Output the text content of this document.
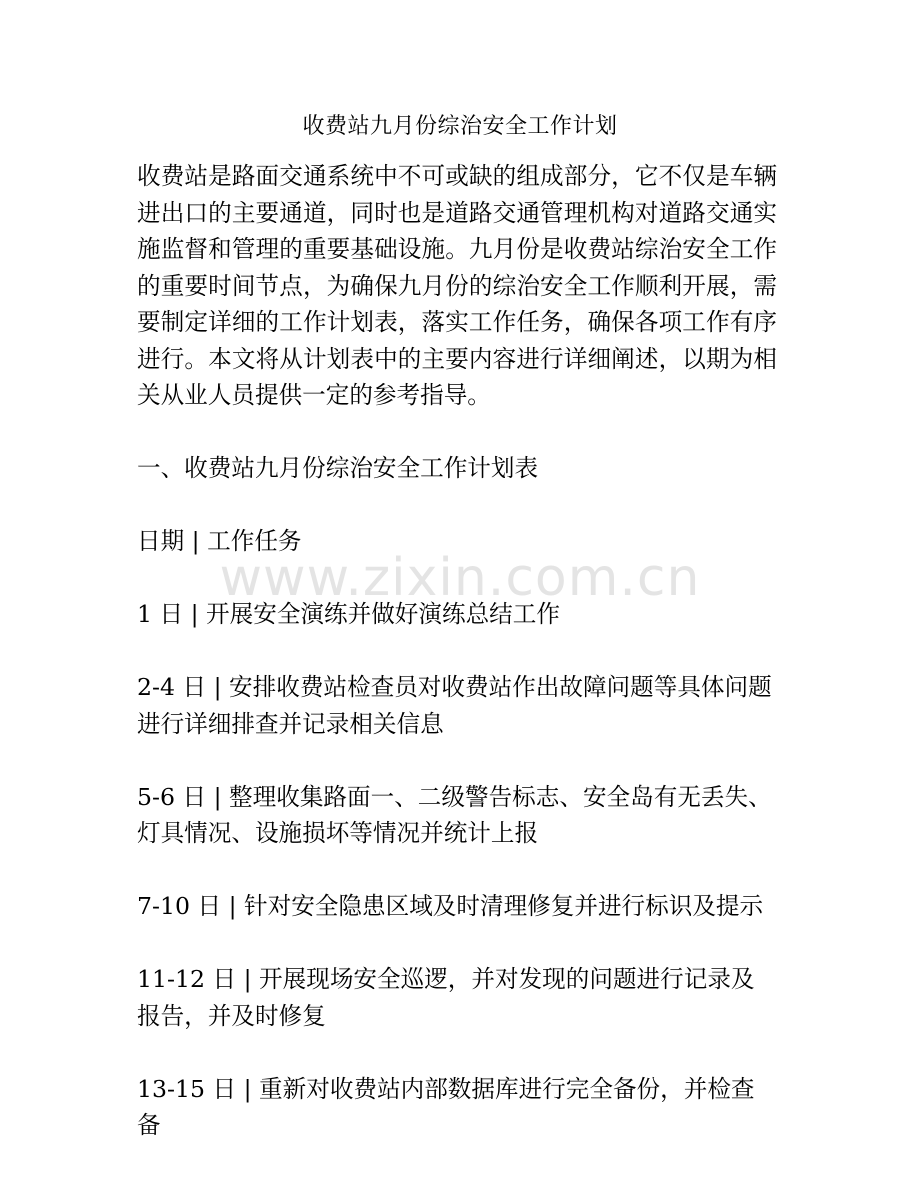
www.zixin.com.cn
收费站九月份综治安全工作计划

收费站是路面交通系统中不可或缺的组成部分，它不仅是车辆进出口的主要通道，同时也是道路交通管理机构对道路交通实施监督和管理的重要基础设施。九月份是收费站综治安全工作的重要时间节点，为确保九月份的综治安全工作顺利开展，需要制定详细的工作计划表，落实工作任务，确保各项工作有序进行。本文将从计划表中的主要内容进行详细阐述，以期为相关从业人员提供一定的参考指导。

一、收费站九月份综治安全工作计划表

日期 | 工作任务

1 日 | 开展安全演练并做好演练总结工作

2-4 日 | 安排收费站检查员对收费站作出故障问题等具体问题进行详细排查并记录相关信息

5-6 日 | 整理收集路面一、二级警告标志、安全岛有无丢失、灯具情况、设施损坏等情况并统计上报

7-10 日 | 针对安全隐患区域及时清理修复并进行标识及提示

11-12 日 | 开展现场安全巡逻，并对发现的问题进行记录及报告，并及时修复

13-15 日 | 重新对收费站内部数据库进行完全备份，并检查备
